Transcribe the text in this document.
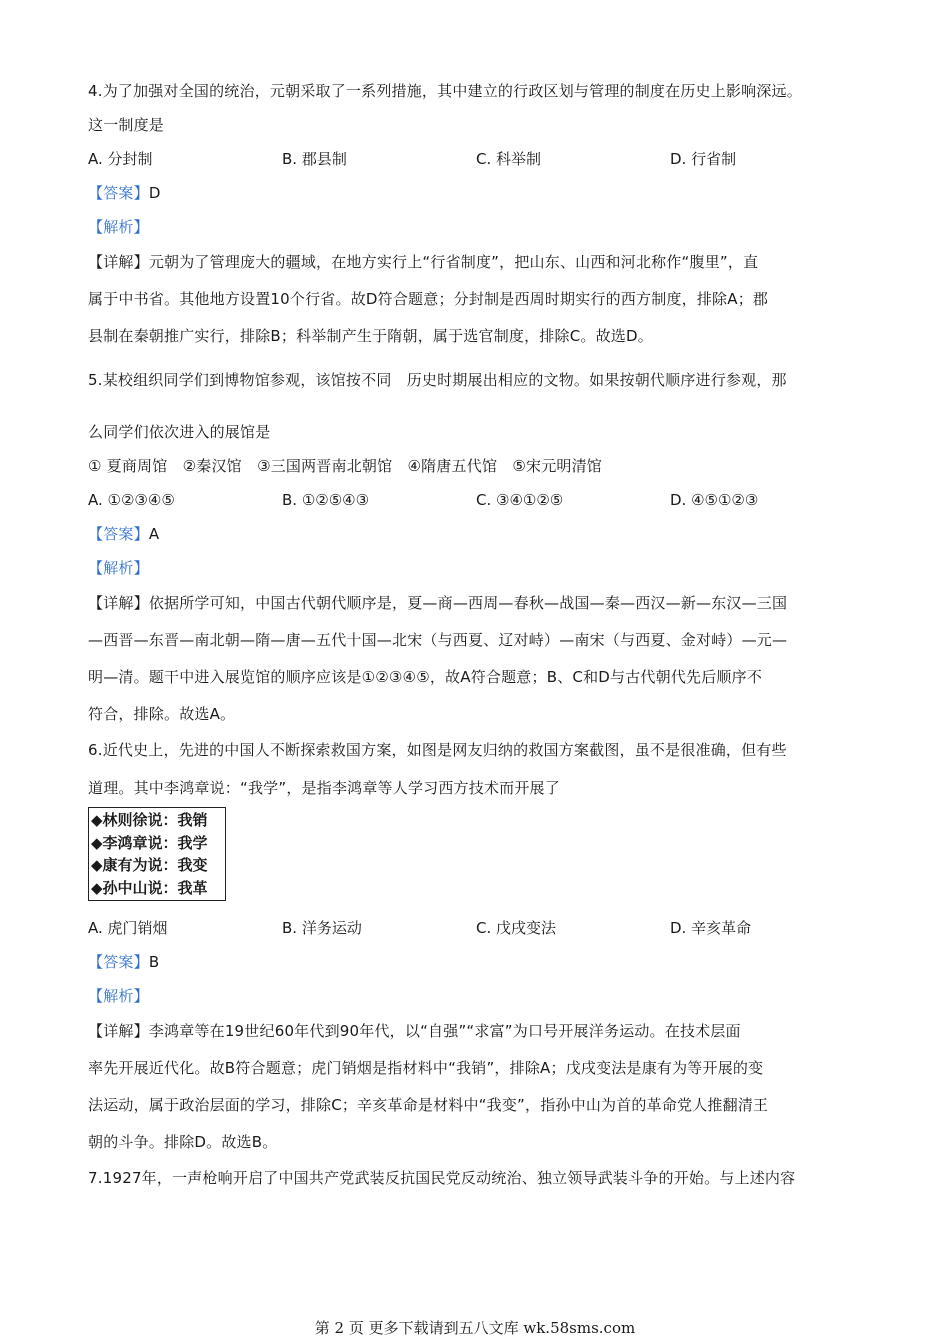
4.为了加强对全国的统治，元朝采取了一系列措施，其中建立的行政区划与管理的制度在历史上影响深远。
这一制度是
A. 分封制	B. 郡县制	C. 科举制	D. 行省制
【答案】D
【解析】
【详解】元朝为了管理庞大的疆域，在地方实行上“行省制度”，把山东、山西和河北称作“腹里”，直
属于中书省。其他地方设置10个行省。故D符合题意；分封制是西周时期实行的西方制度，排除A；郡
县制在秦朝推广实行，排除B；科举制产生于隋朝，属于选官制度，排除C。故选D。
5.某校组织同学们到博物馆参观，该馆按不同　历史时期展出相应的文物。如果按朝代顺序进行参观，那
么同学们依次进入的展馆是
① 夏商周馆　②秦汉馆　③三国两晋南北朝馆　④隋唐五代馆　⑤宋元明清馆
A. ①②③④⑤	B. ①②⑤④③	C. ③④①②⑤	D. ④⑤①②③
【答案】A
【解析】
【详解】依据所学可知，中国古代朝代顺序是，夏—商—西周—春秋—战国—秦—西汉—新—东汉—三国
—西晋—东晋—南北朝—隋—唐—五代十国—北宋（与西夏、辽对峙）—南宋（与西夏、金对峙）—元—
明—清。题干中进入展览馆的顺序应该是①②③④⑤，故A符合题意；B、C和D与古代朝代先后顺序不
符合，排除。故选A。
6.近代史上，先进的中国人不断探索救国方案，如图是网友归纳的救国方案截图，虽不是很准确，但有些
道理。其中李鸿章说：“我学”，是指李鸿章等人学习西方技术而开展了
◆林则徐说：我销
◆李鸿章说：我学
◆康有为说：我变
◆孙中山说：我革
A. 虎门销烟	B. 洋务运动	C. 戊戌变法	D. 辛亥革命
【答案】B
【解析】
【详解】李鸿章等在19世纪60年代到90年代，以“自强”“求富”为口号开展洋务运动。在技术层面
率先开展近代化。故B符合题意；虎门销烟是指材料中“我销”，排除A；戊戌变法是康有为等开展的变
法运动，属于政治层面的学习，排除C；辛亥革命是材料中“我变”，指孙中山为首的革命党人推翻清王
朝的斗争。排除D。故选B。
7.1927年，一声枪响开启了中国共产党武装反抗国民党反动统治、独立领导武装斗争的开始。与上述内容
第 2 页 更多下载请到五八文库 wk.58sms.com
